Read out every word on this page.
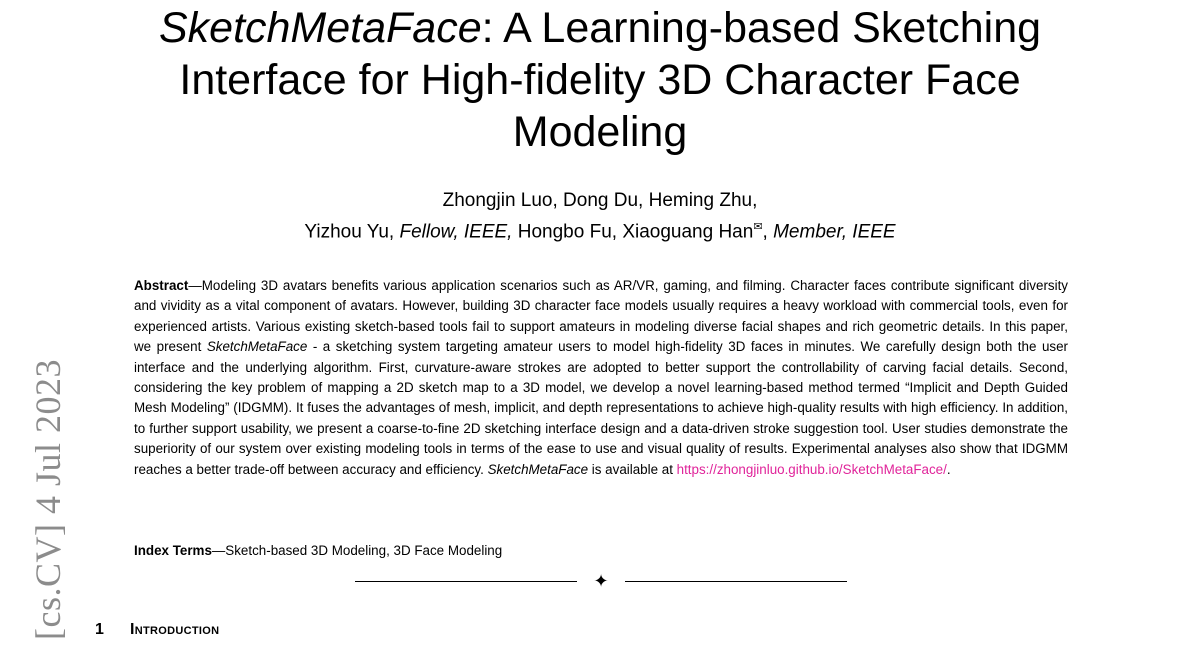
SketchMetaFace: A Learning-based Sketching Interface for High-fidelity 3D Character Face Modeling
Zhongjin Luo, Dong Du, Heming Zhu,
Yizhou Yu, Fellow, IEEE, Hongbo Fu, Xiaoguang Han✉, Member, IEEE
Abstract—Modeling 3D avatars benefits various application scenarios such as AR/VR, gaming, and filming. Character faces contribute significant diversity and vividity as a vital component of avatars. However, building 3D character face models usually requires a heavy workload with commercial tools, even for experienced artists. Various existing sketch-based tools fail to support amateurs in modeling diverse facial shapes and rich geometric details. In this paper, we present SketchMetaFace - a sketching system targeting amateur users to model high-fidelity 3D faces in minutes. We carefully design both the user interface and the underlying algorithm. First, curvature-aware strokes are adopted to better support the controllability of carving facial details. Second, considering the key problem of mapping a 2D sketch map to a 3D model, we develop a novel learning-based method termed “Implicit and Depth Guided Mesh Modeling” (IDGMM). It fuses the advantages of mesh, implicit, and depth representations to achieve high-quality results with high efficiency. In addition, to further support usability, we present a coarse-to-fine 2D sketching interface design and a data-driven stroke suggestion tool. User studies demonstrate the superiority of our system over existing modeling tools in terms of the ease to use and visual quality of results. Experimental analyses also show that IDGMM reaches a better trade-off between accuracy and efficiency. SketchMetaFace is available at https://zhongjinluo.github.io/SketchMetaFace/.
Index Terms—Sketch-based 3D Modeling, 3D Face Modeling
✦
1 Introduction
[cs.CV] 4 Jul 2023
